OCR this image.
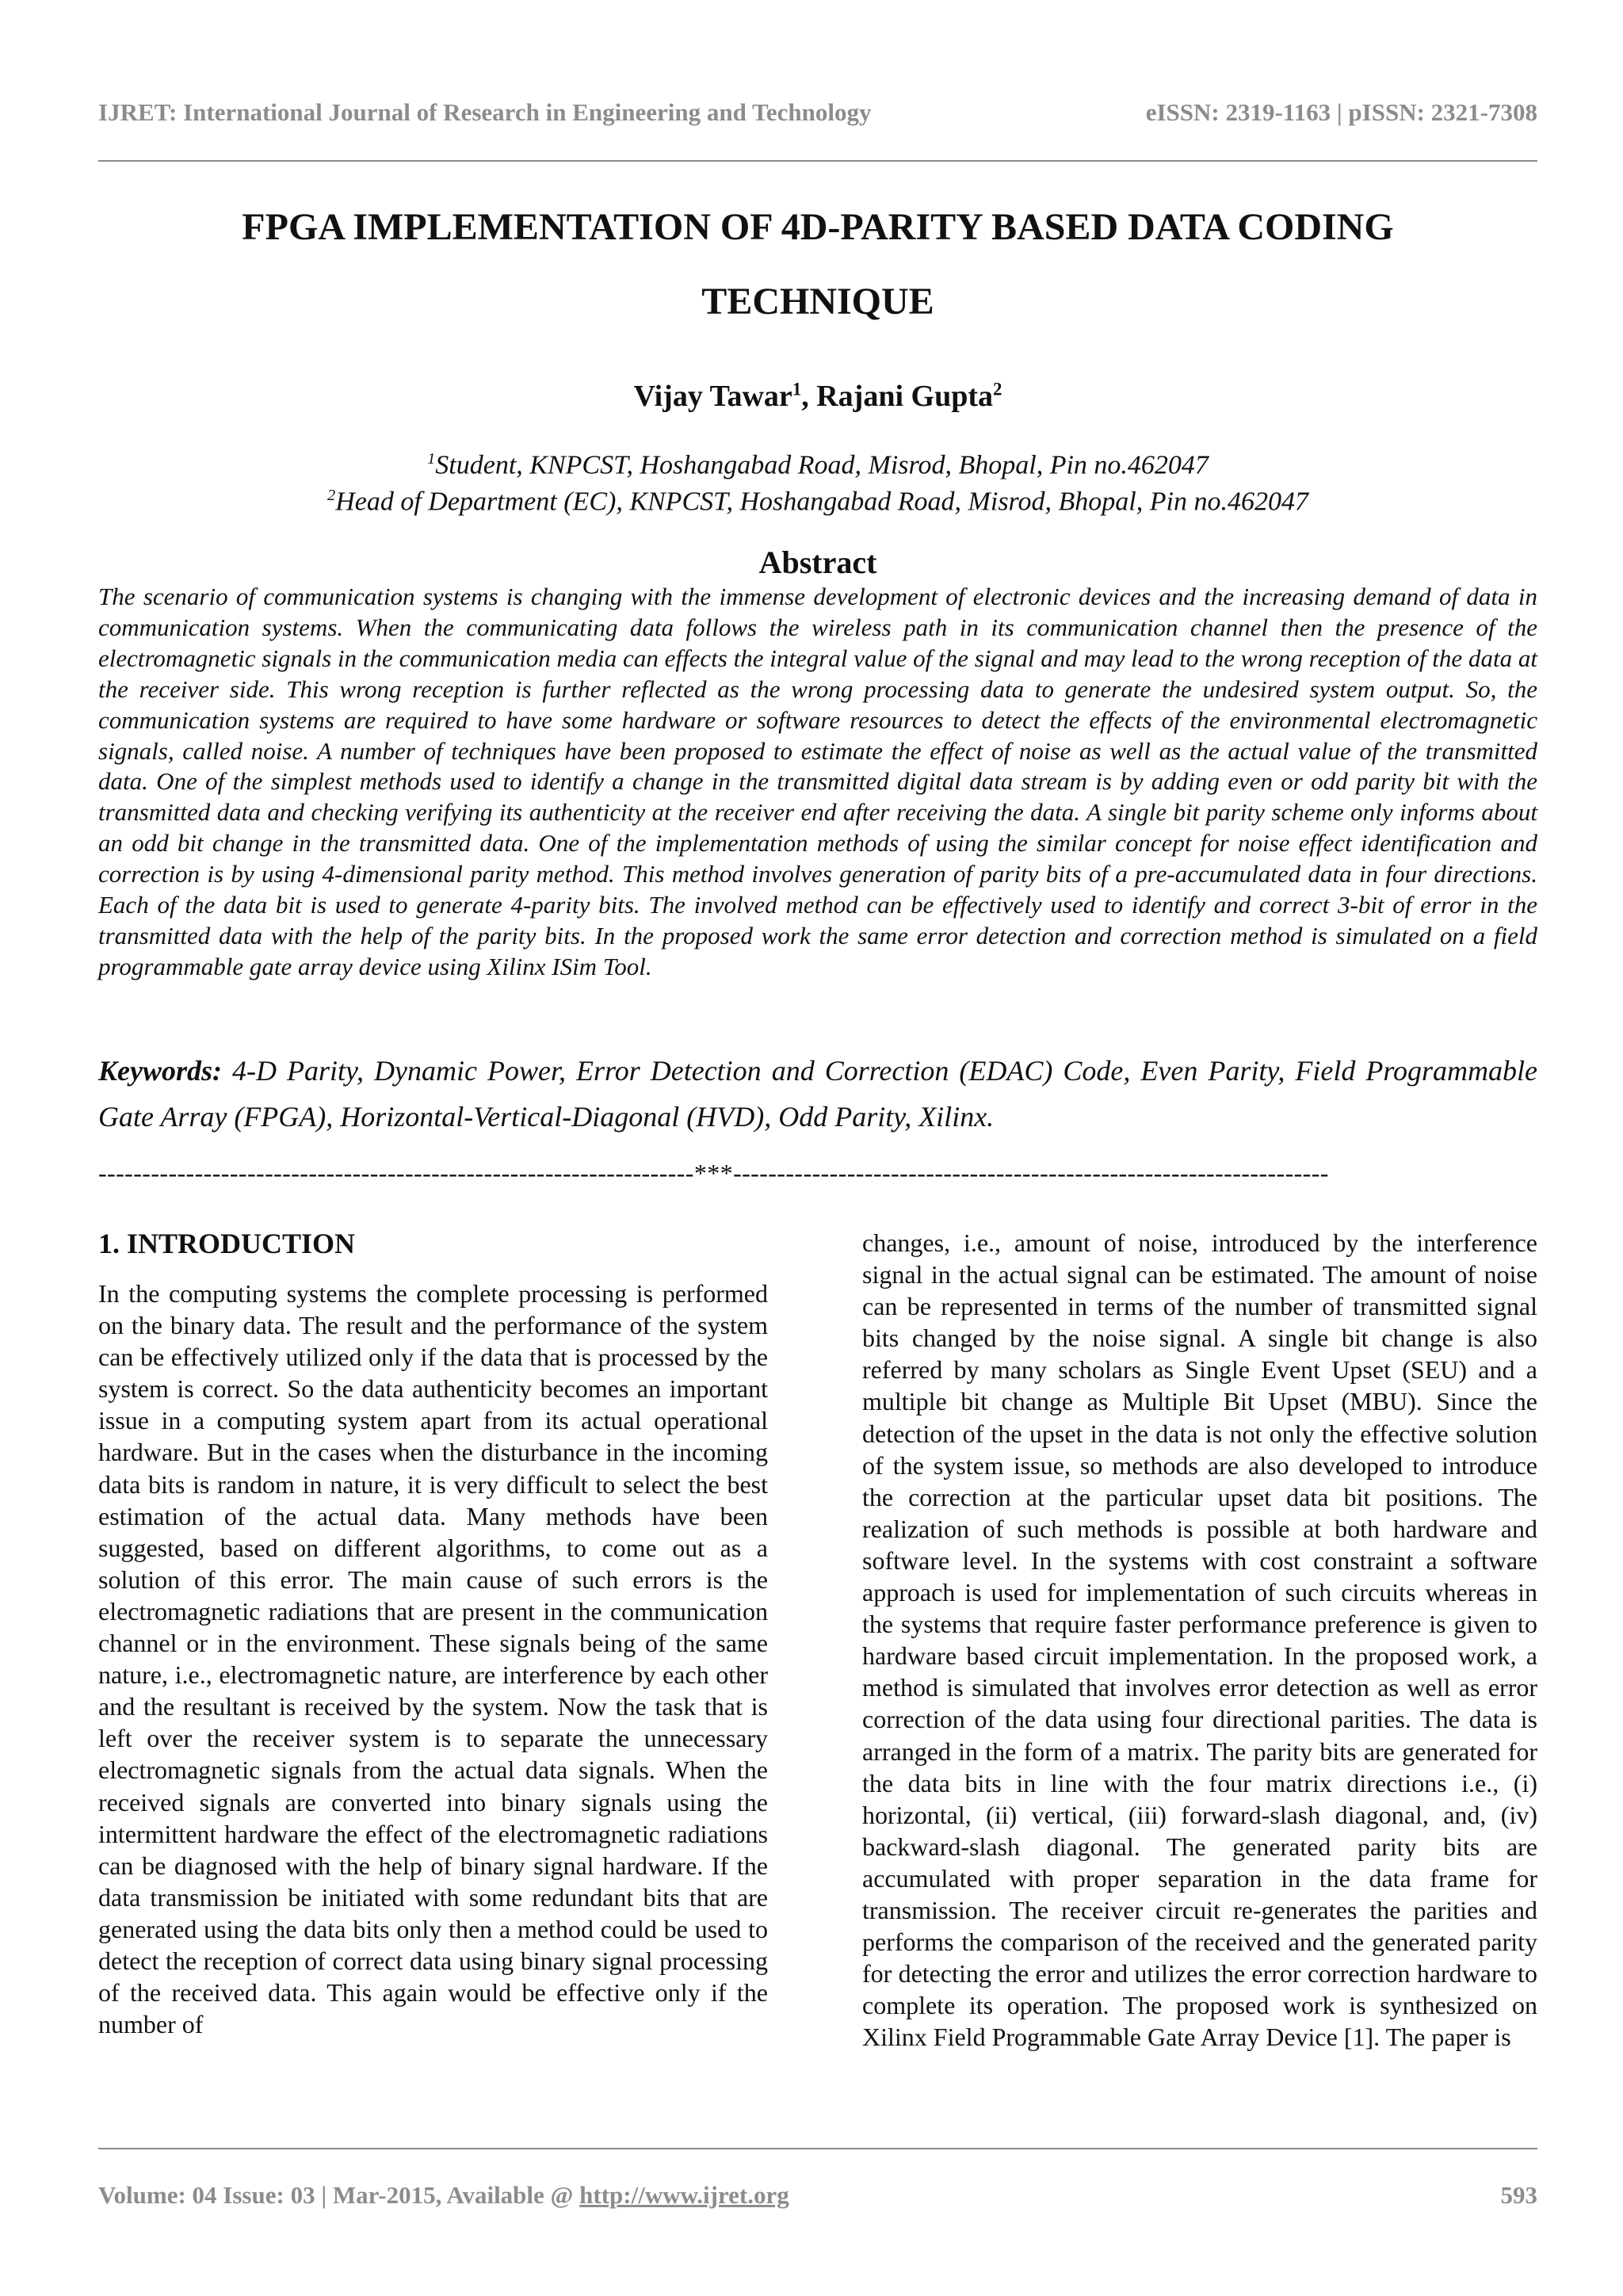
IJRET: International Journal of Research in Engineering and Technology	eISSN: 2319-1163 | pISSN: 2321-7308
FPGA IMPLEMENTATION OF 4D-PARITY BASED DATA CODING
TECHNIQUE
Vijay Tawar$^1$, Rajani Gupta$^2$
$^1$Student, KNPCST, Hoshangabad Road, Misrod, Bhopal, Pin no.462047
$^2$Head of Department (EC), KNPCST, Hoshangabad Road, Misrod, Bhopal, Pin no.462047
Abstract
The scenario of communication systems is changing with the immense development of electronic devices and the increasing demand of data in communication systems. When the communicating data follows the wireless path in its communication channel then the presence of the electromagnetic signals in the communication media can effects the integral value of the signal and may lead to the wrong reception of the data at the receiver side. This wrong reception is further reflected as the wrong processing data to generate the undesired system output. So, the communication systems are required to have some hardware or software resources to detect the effects of the environmental electromagnetic signals, called noise. A number of techniques have been proposed to estimate the effect of noise as well as the actual value of the transmitted data. One of the simplest methods used to identify a change in the transmitted digital data stream is by adding even or odd parity bit with the transmitted data and checking verifying its authenticity at the receiver end after receiving the data. A single bit parity scheme only informs about an odd bit change in the transmitted data. One of the implementation methods of using the similar concept for noise effect identification and correction is by using 4-dimensional parity method. This method involves generation of parity bits of a pre-accumulated data in four directions. Each of the data bit is used to generate 4-parity bits. The involved method can be effectively used to identify and correct 3-bit of error in the transmitted data with the help of the parity bits. In the proposed work the same error detection and correction method is simulated on a field programmable gate array device using Xilinx ISim Tool.
Keywords: 4-D Parity, Dynamic Power, Error Detection and Correction (EDAC) Code, Even Parity, Field Programmable Gate Array (FPGA), Horizontal-Vertical-Diagonal (HVD), Odd Parity, Xilinx.
--------------------------------------------------------------------***--------------------------------------------------------------------
1. INTRODUCTION
In the computing systems the complete processing is performed on the binary data. The result and the performance of the system can be effectively utilized only if the data that is processed by the system is correct. So the data authenticity becomes an important issue in a computing system apart from its actual operational hardware. But in the cases when the disturbance in the incoming data bits is random in nature, it is very difficult to select the best estimation of the actual data. Many methods have been suggested, based on different algorithms, to come out as a solution of this error. The main cause of such errors is the electromagnetic radiations that are present in the communication channel or in the environment. These signals being of the same nature, i.e., electromagnetic nature, are interference by each other and the resultant is received by the system. Now the task that is left over the receiver system is to separate the unnecessary electromagnetic signals from the actual data signals. When the received signals are converted into binary signals using the intermittent hardware the effect of the electromagnetic radiations can be diagnosed with the help of binary signal hardware. If the data transmission be initiated with some redundant bits that are generated using the data bits only then a method could be used to detect the reception of correct data using binary signal processing of the received data. This again would be effective only if the number of
changes, i.e., amount of noise, introduced by the interference signal in the actual signal can be estimated. The amount of noise can be represented in terms of the number of transmitted signal bits changed by the noise signal. A single bit change is also referred by many scholars as Single Event Upset (SEU) and a multiple bit change as Multiple Bit Upset (MBU). Since the detection of the upset in the data is not only the effective solution of the system issue, so methods are also developed to introduce the correction at the particular upset data bit positions. The realization of such methods is possible at both hardware and software level. In the systems with cost constraint a software approach is used for implementation of such circuits whereas in the systems that require faster performance preference is given to hardware based circuit implementation. In the proposed work, a method is simulated that involves error detection as well as error correction of the data using four directional parities. The data is arranged in the form of a matrix. The parity bits are generated for the data bits in line with the four matrix directions i.e., (i) horizontal, (ii) vertical, (iii) forward-slash diagonal, and, (iv) backward-slash diagonal. The generated parity bits are accumulated with proper separation in the data frame for transmission. The receiver circuit re-generates the parities and performs the comparison of the received and the generated parity for detecting the error and utilizes the error correction hardware to complete its operation. The proposed work is synthesized on Xilinx Field Programmable Gate Array Device [1]. The paper is
Volume: 04 Issue: 03 | Mar-2015, Available @ http://www.ijret.org	593
